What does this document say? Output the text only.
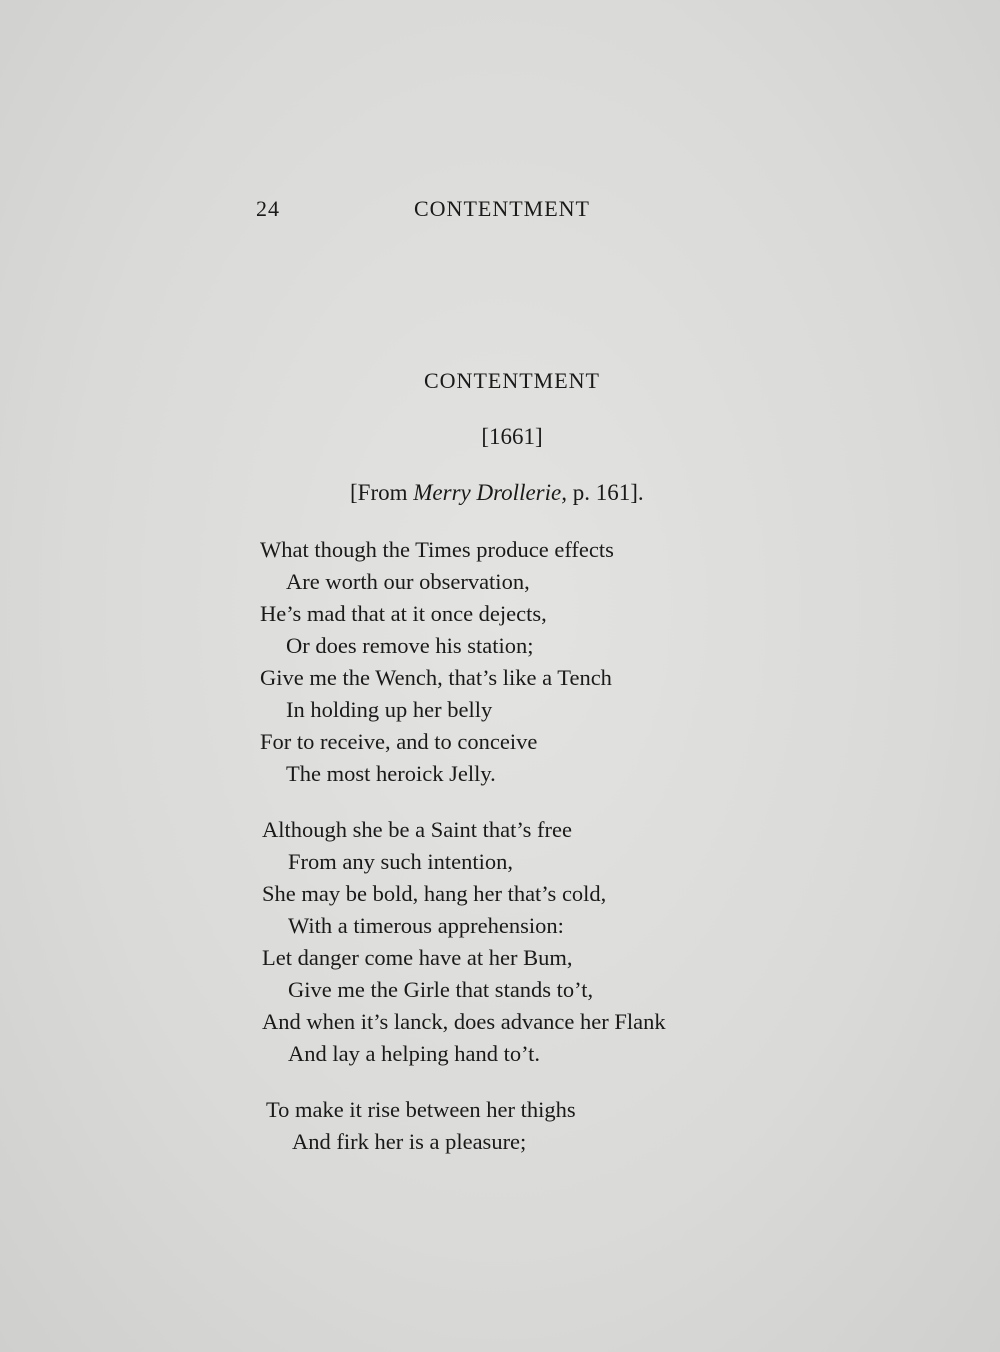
24	CONTENTMENT
CONTENTMENT
[1661]
[From Merry Drollerie, p. 161].
What though the Times produce effects
Are worth our observation,
He’s mad that at it once dejects,
Or does remove his station;
Give me the Wench, that’s like a Tench
In holding up her belly
For to receive, and to conceive
The most heroick Jelly.
Although she be a Saint that’s free
From any such intention,
She may be bold, hang her that’s cold,
With a timerous apprehension:
Let danger come have at her Bum,
Give me the Girle that stands to’t,
And when it’s lanck, does advance her Flank
And lay a helping hand to’t.
To make it rise between her thighs
And firk her is a pleasure;
